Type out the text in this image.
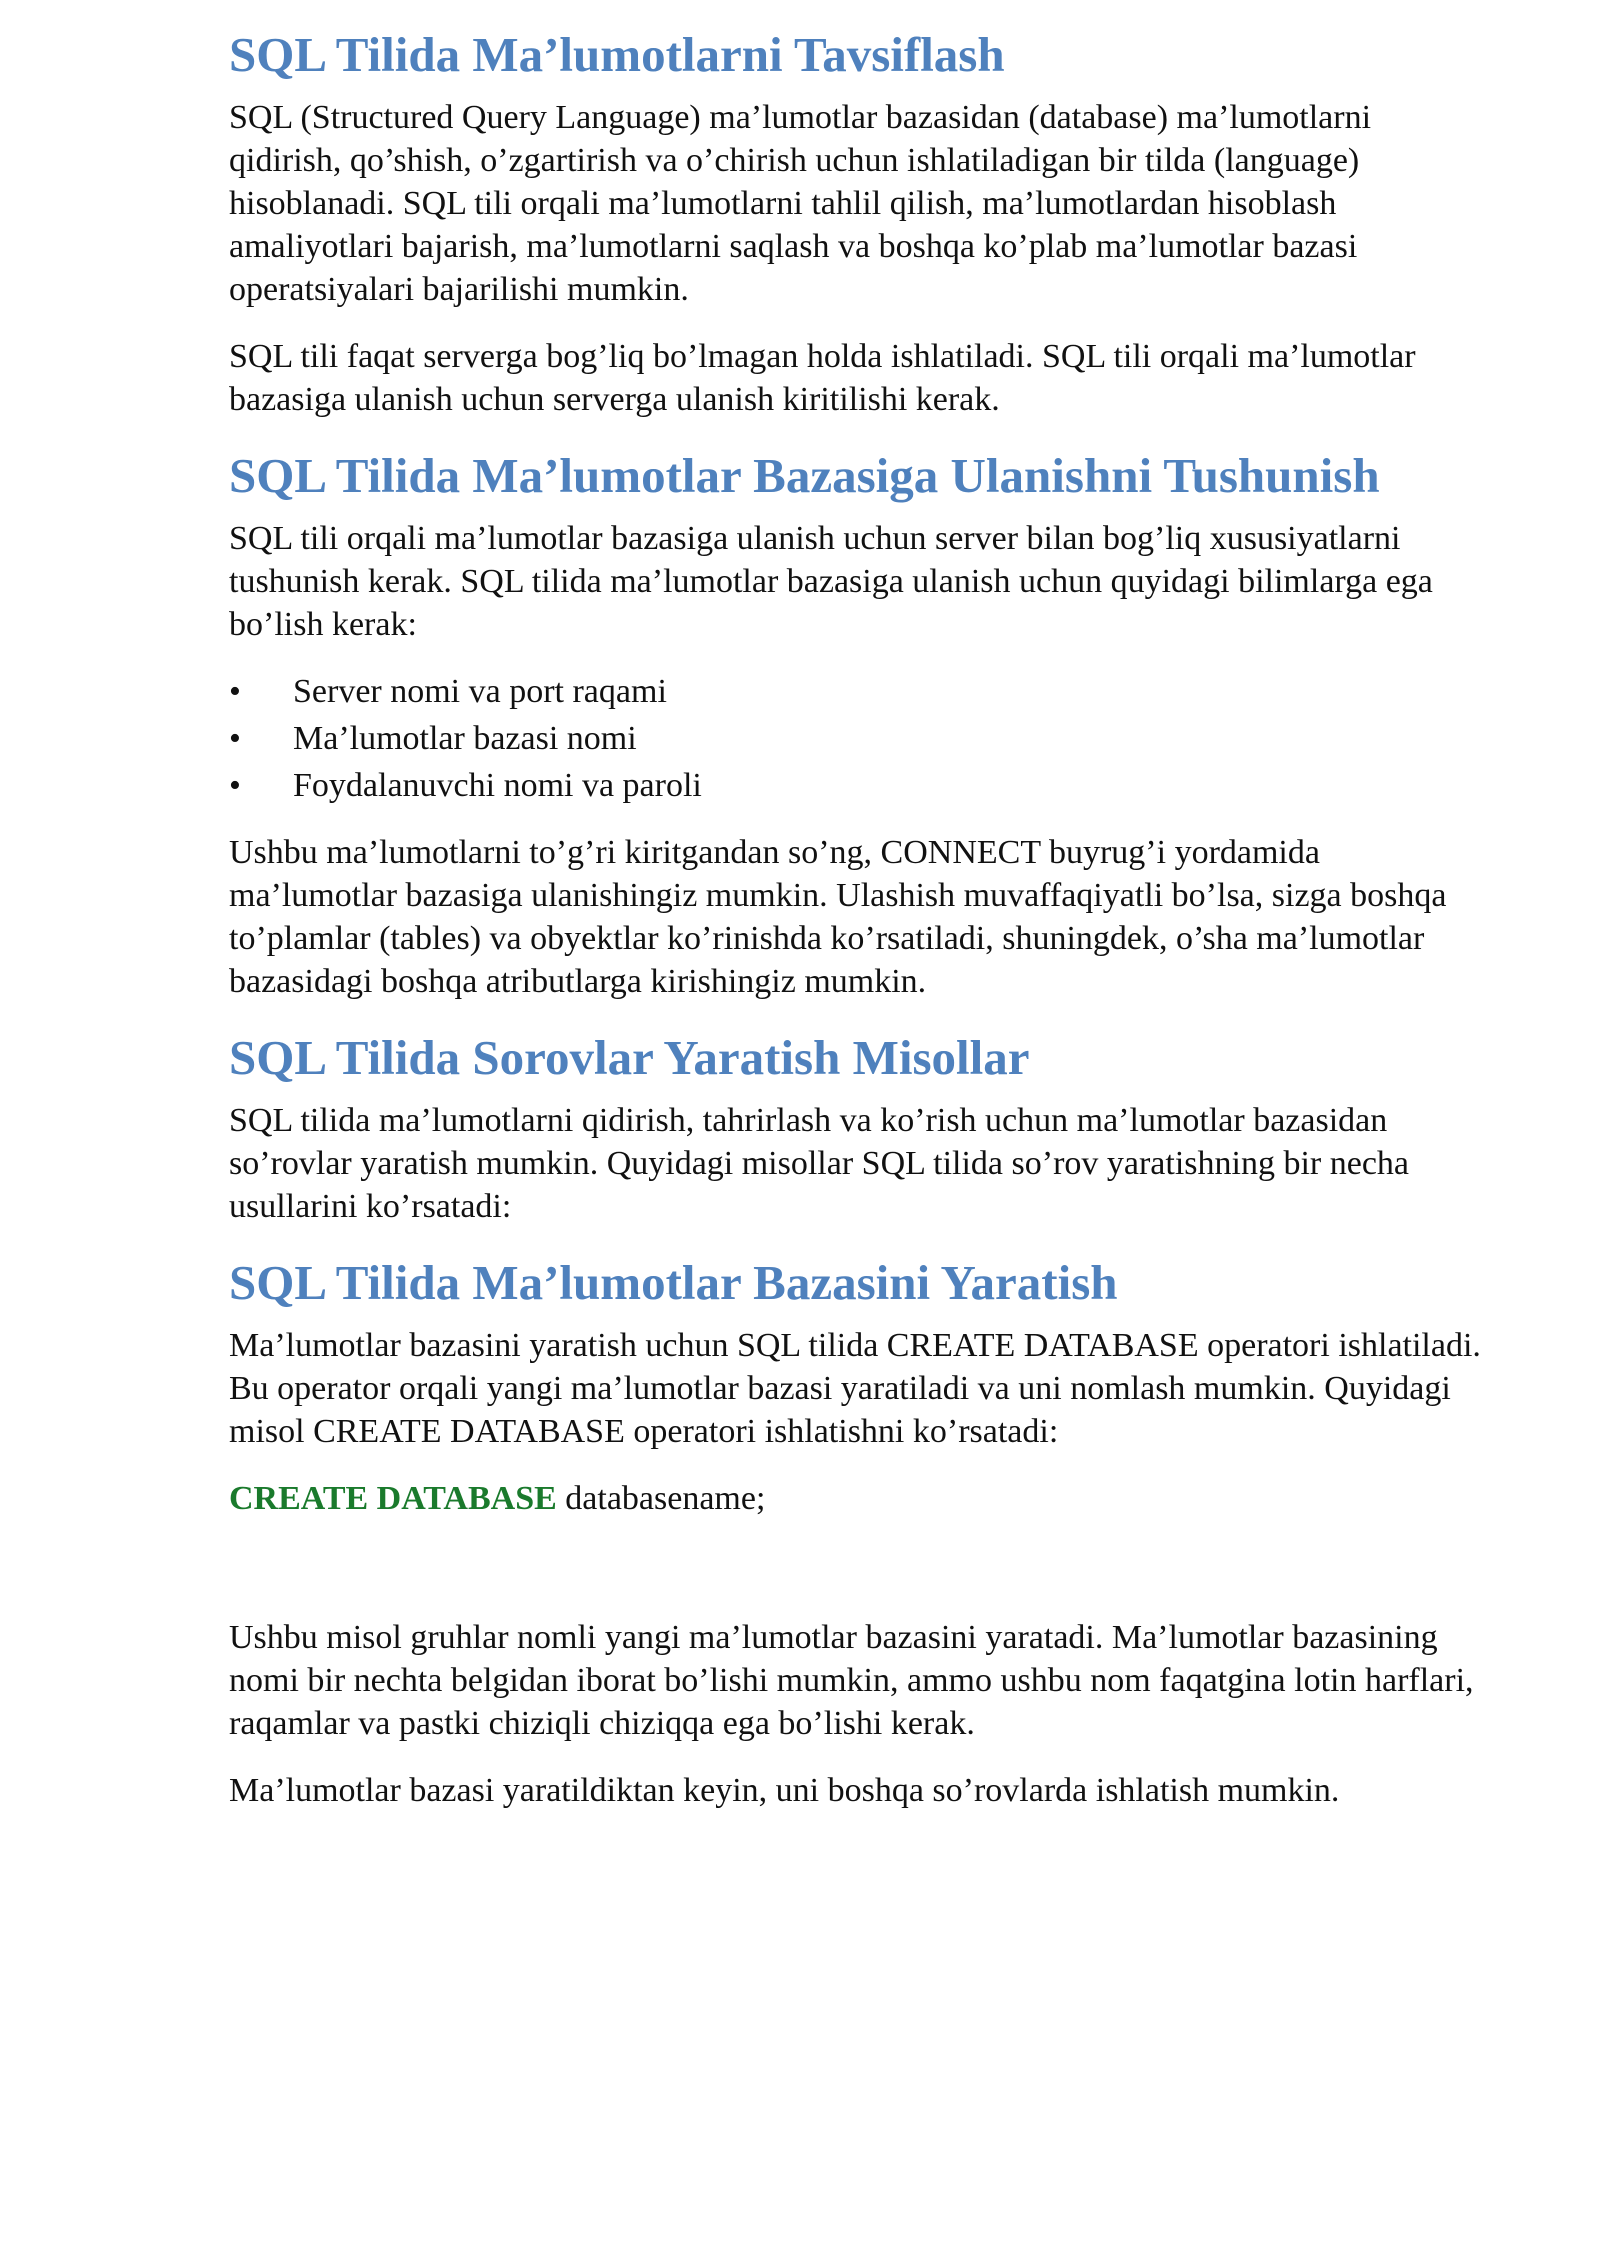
SQL Tilida Ma’lumotlarni Tavsiflash

SQL (Structured Query Language) ma’lumotlar bazasidan (database) ma’lumotlarni qidirish, qo’shish, o’zgartirish va o’chirish uchun ishlatiladigan bir tilda (language) hisoblanadi. SQL tili orqali ma’lumotlarni tahlil qilish, ma’lumotlardan hisoblash amaliyotlari bajarish, ma’lumotlarni saqlash va boshqa ko’plab ma’lumotlar bazasi operatsiyalari bajarilishi mumkin.

SQL tili faqat serverga bog’liq bo’lmagan holda ishlatiladi. SQL tili orqali ma’lumotlar bazasiga ulanish uchun serverga ulanish kiritilishi kerak.

SQL Tilida Ma’lumotlar Bazasiga Ulanishni Tushunish

SQL tili orqali ma’lumotlar bazasiga ulanish uchun server bilan bog’liq xususiyatlarni tushunish kerak. SQL tilida ma’lumotlar bazasiga ulanish uchun quyidagi bilimlarga ega bo’lish kerak:

•	Server nomi va port raqami
•	Ma’lumotlar bazasi nomi
•	Foydalanuvchi nomi va paroli

Ushbu ma’lumotlarni to’g’ri kiritgandan so’ng, CONNECT buyrug’i yordamida ma’lumotlar bazasiga ulanishingiz mumkin. Ulashish muvaffaqiyatli bo’lsa, sizga boshqa to’plamlar (tables) va obyektlar ko’rinishda ko’rsatiladi, shuningdek, o’sha ma’lumotlar bazasidagi boshqa atributlarga kirishingiz mumkin.

SQL Tilida Sorovlar Yaratish Misollar

SQL tilida ma’lumotlarni qidirish, tahrirlash va ko’rish uchun ma’lumotlar bazasidan so’rovlar yaratish mumkin. Quyidagi misollar SQL tilida so’rov yaratishning bir necha usullarini ko’rsatadi:

SQL Tilida Ma’lumotlar Bazasini Yaratish

Ma’lumotlar bazasini yaratish uchun SQL tilida CREATE DATABASE operatori ishlatiladi. Bu operator orqali yangi ma’lumotlar bazasi yaratiladi va uni nomlash mumkin. Quyidagi misol CREATE DATABASE operatori ishlatishni ko’rsatadi:

CREATE DATABASE databasename;

Ushbu misol gruhlar nomli yangi ma’lumotlar bazasini yaratadi. Ma’lumotlar bazasining nomi bir nechta belgidan iborat bo’lishi mumkin, ammo ushbu nom faqatgina lotin harflari, raqamlar va pastki chiziqli chiziqqa ega bo’lishi kerak.

Ma’lumotlar bazasi yaratildiktan keyin, uni boshqa so’rovlarda ishlatish mumkin.
